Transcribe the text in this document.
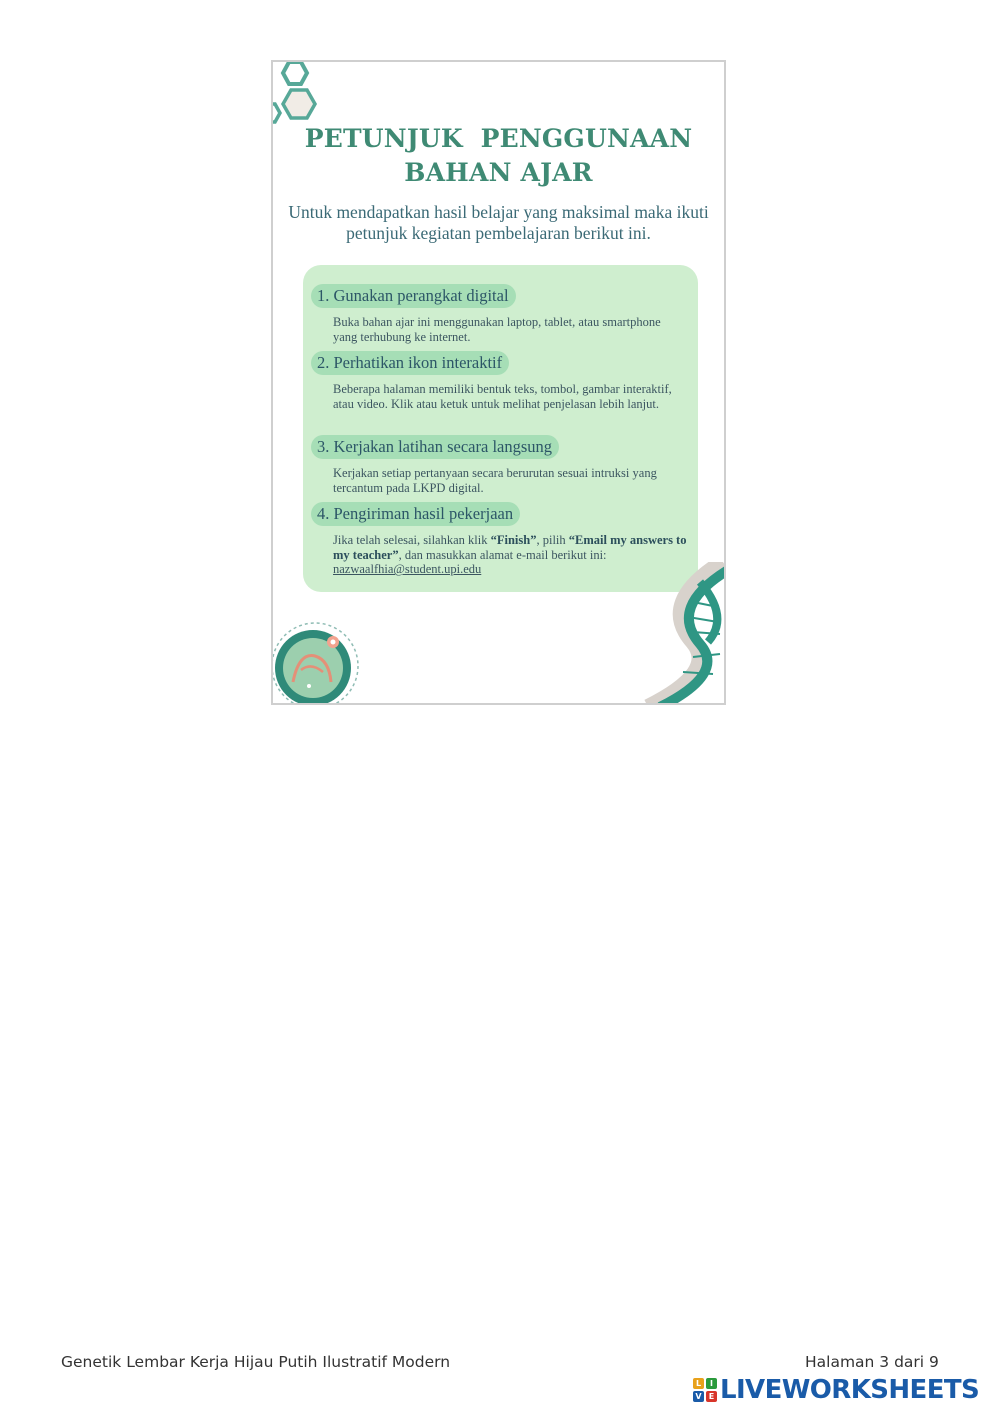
PETUNJUK  PENGGUNAAN
BAHAN AJAR
Untuk mendapatkan hasil belajar yang maksimal maka ikuti petunjuk kegiatan pembelajaran berikut ini.
1. Gunakan perangkat digital
Buka bahan ajar ini menggunakan laptop, tablet, atau smartphone yang terhubung ke internet.
2. Perhatikan ikon interaktif
Beberapa halaman memiliki bentuk teks, tombol, gambar interaktif, atau video. Klik atau ketuk untuk melihat penjelasan lebih lanjut.
3. Kerjakan latihan secara langsung
Kerjakan setiap pertanyaan secara berurutan sesuai intruksi yang tercantum pada LKPD digital.
4. Pengiriman hasil pekerjaan
Jika telah selesai, silahkan klik “Finish”, pilih “Email my answers to my teacher”, dan masukkan alamat e-mail berikut ini: nazwaalfhia@student.upi.edu
Genetik Lembar Kerja Hijau Putih Ilustratif Modern	Halaman 3 dari 9
L	I
V E LIVEWORKSHEETS
